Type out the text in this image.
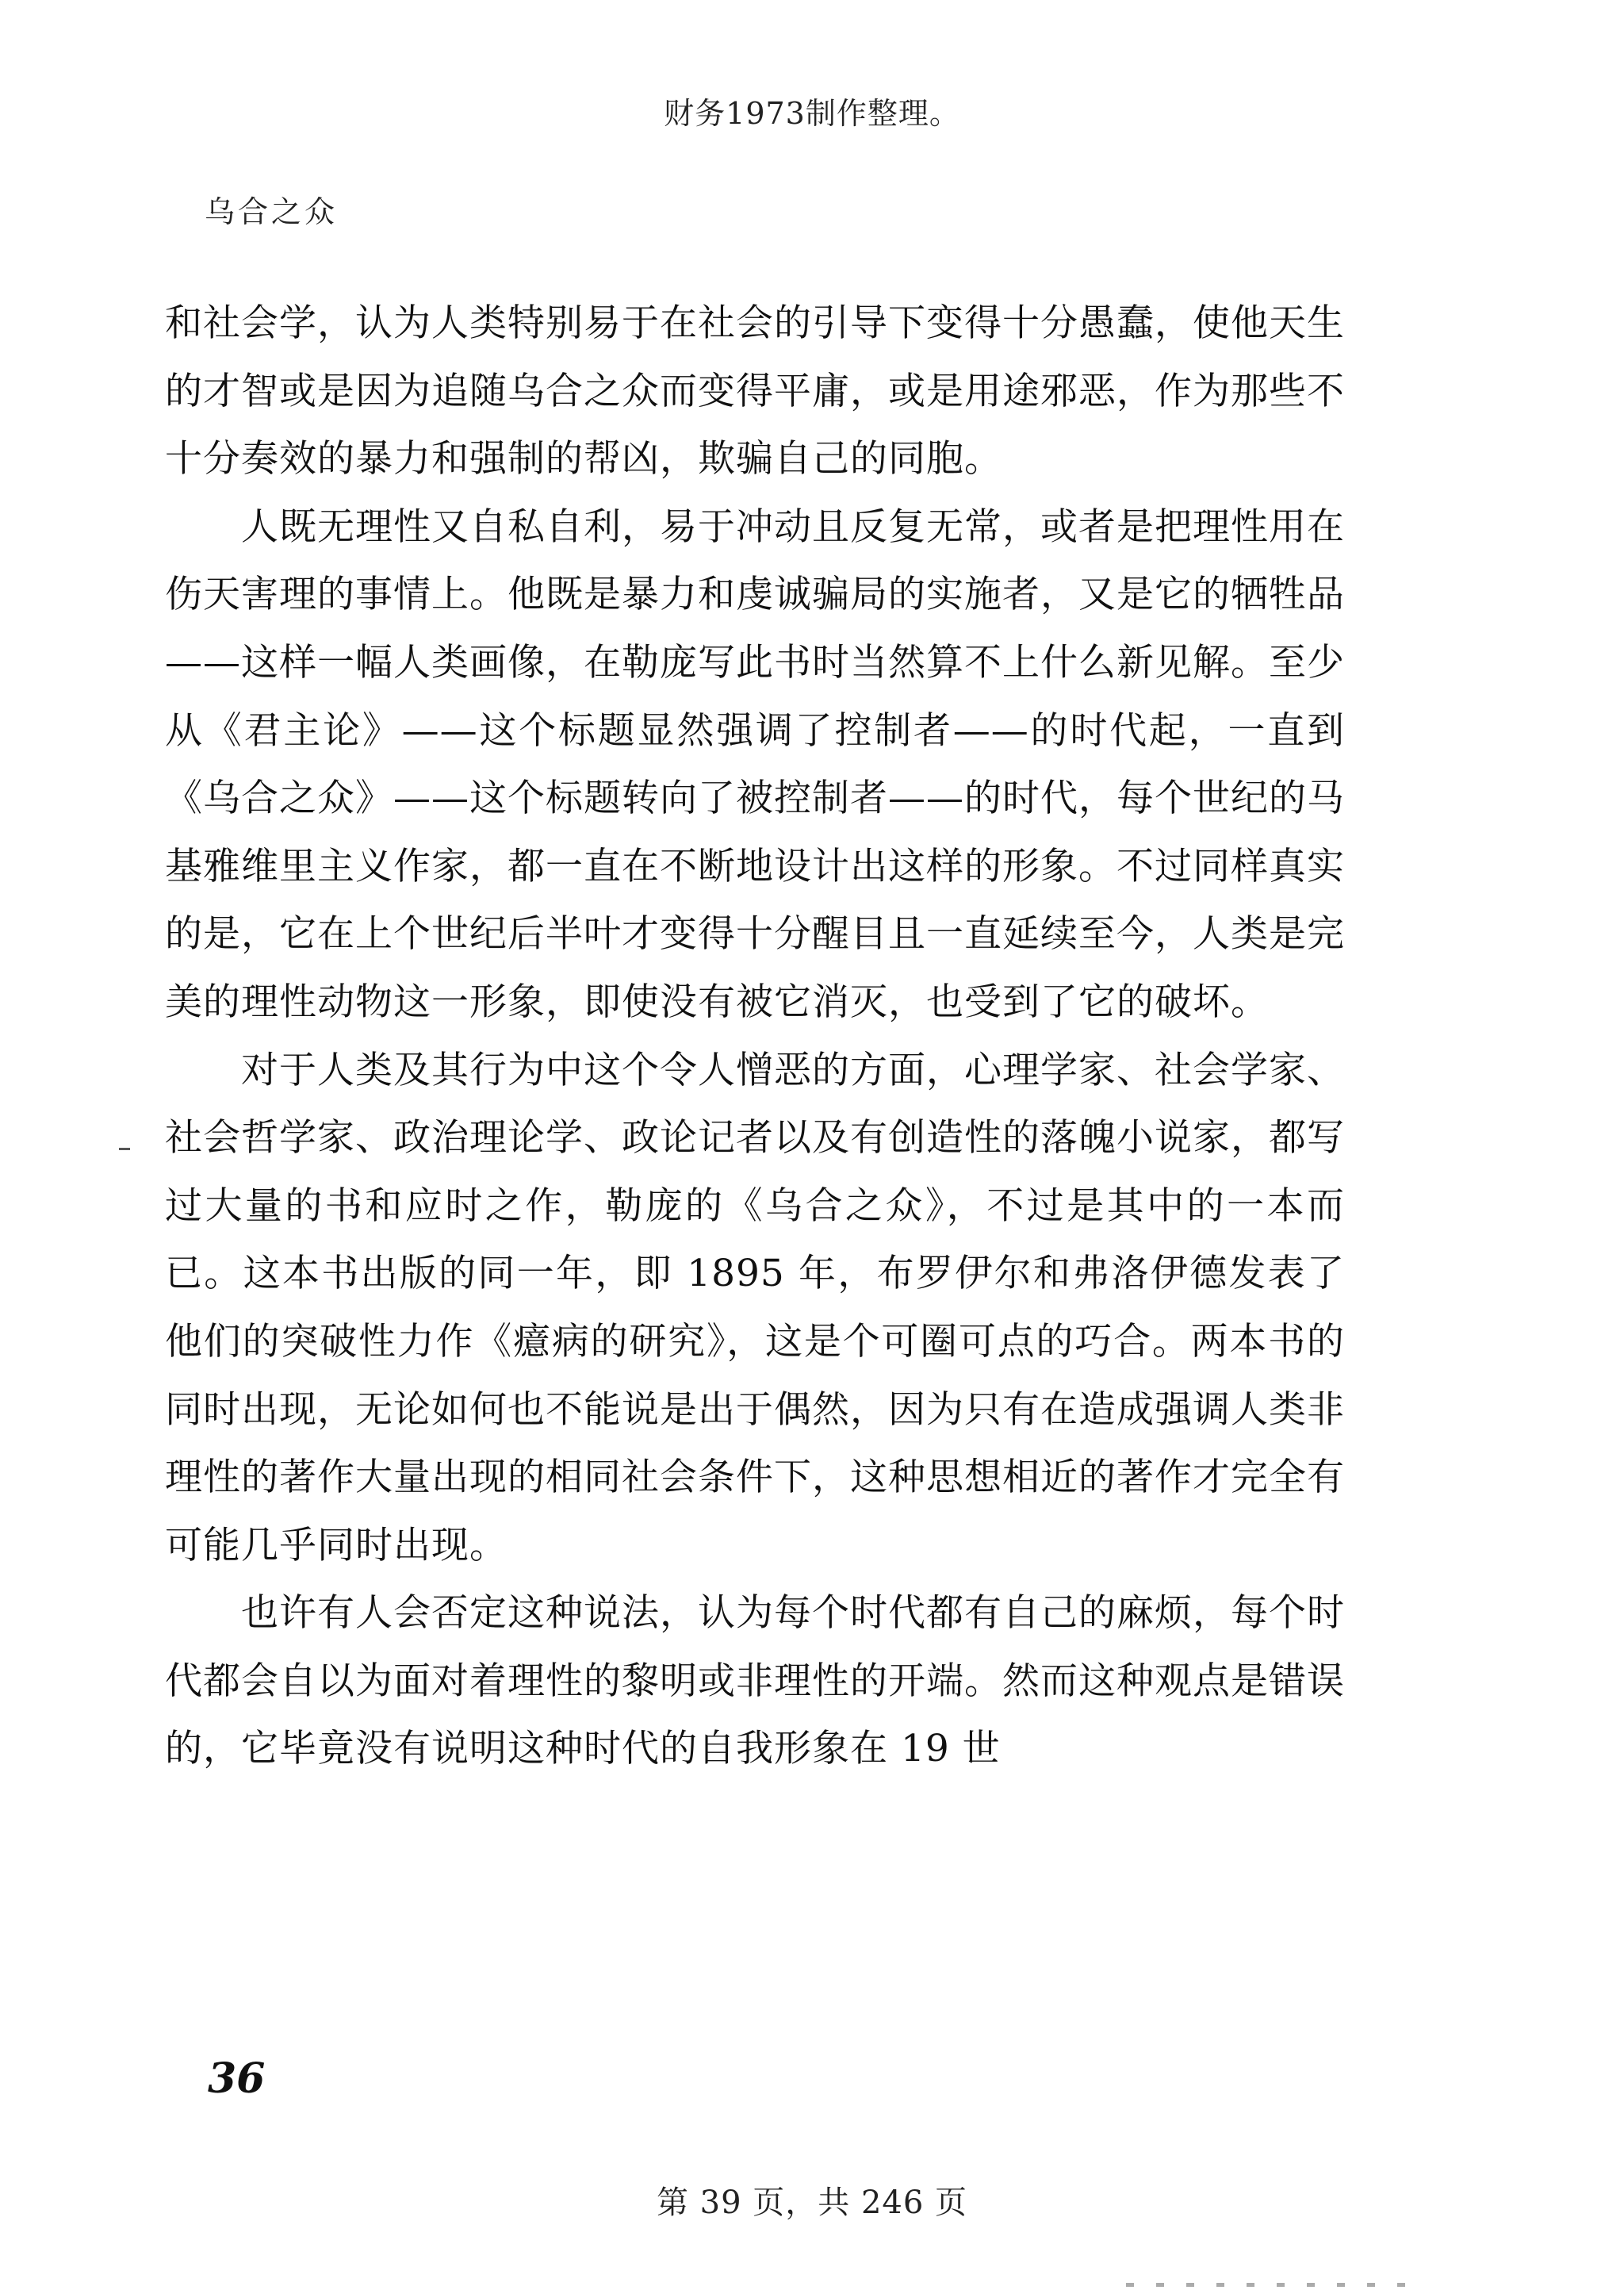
财务1973制作整理。
乌合之众

和社会学，认为人类特别易于在社会的引导下变得十分愚蠢，使他天生的才智或是因为追随乌合之众而变得平庸，或是用途邪恶，作为那些不十分奏效的暴力和强制的帮凶，欺骗自己的同胞。

人既无理性又自私自利，易于冲动且反复无常，或者是把理性用在伤天害理的事情上。他既是暴力和虔诚骗局的实施者，又是它的牺牲品——这样一幅人类画像，在勒庞写此书时当然算不上什么新见解。至少从《君主论》——这个标题显然强调了控制者——的时代起，一直到《乌合之众》——这个标题转向了被控制者——的时代，每个世纪的马基雅维里主义作家，都一直在不断地设计出这样的形象。不过同样真实的是，它在上个世纪后半叶才变得十分醒目且一直延续至今，人类是完美的理性动物这一形象，即使没有被它消灭，也受到了它的破坏。

对于人类及其行为中这个令人憎恶的方面，心理学家、社会学家、社会哲学家、政治理论学、政论记者以及有创造性的落魄小说家，都写过大量的书和应时之作，勒庞的《乌合之众》，不过是其中的一本而已。这本书出版的同一年，即 1895 年，布罗伊尔和弗洛伊德发表了他们的突破性力作《癔病的研究》，这是个可圈可点的巧合。两本书的同时出现，无论如何也不能说是出于偶然，因为只有在造成强调人类非理性的著作大量出现的相同社会条件下，这种思想相近的著作才完全有可能几乎同时出现。

也许有人会否定这种说法，认为每个时代都有自己的麻烦，每个时代都会自以为面对着理性的黎明或非理性的开端。然而这种观点是错误的，它毕竟没有说明这种时代的自我形象在 19 世

36
第 39 页，共 246 页
